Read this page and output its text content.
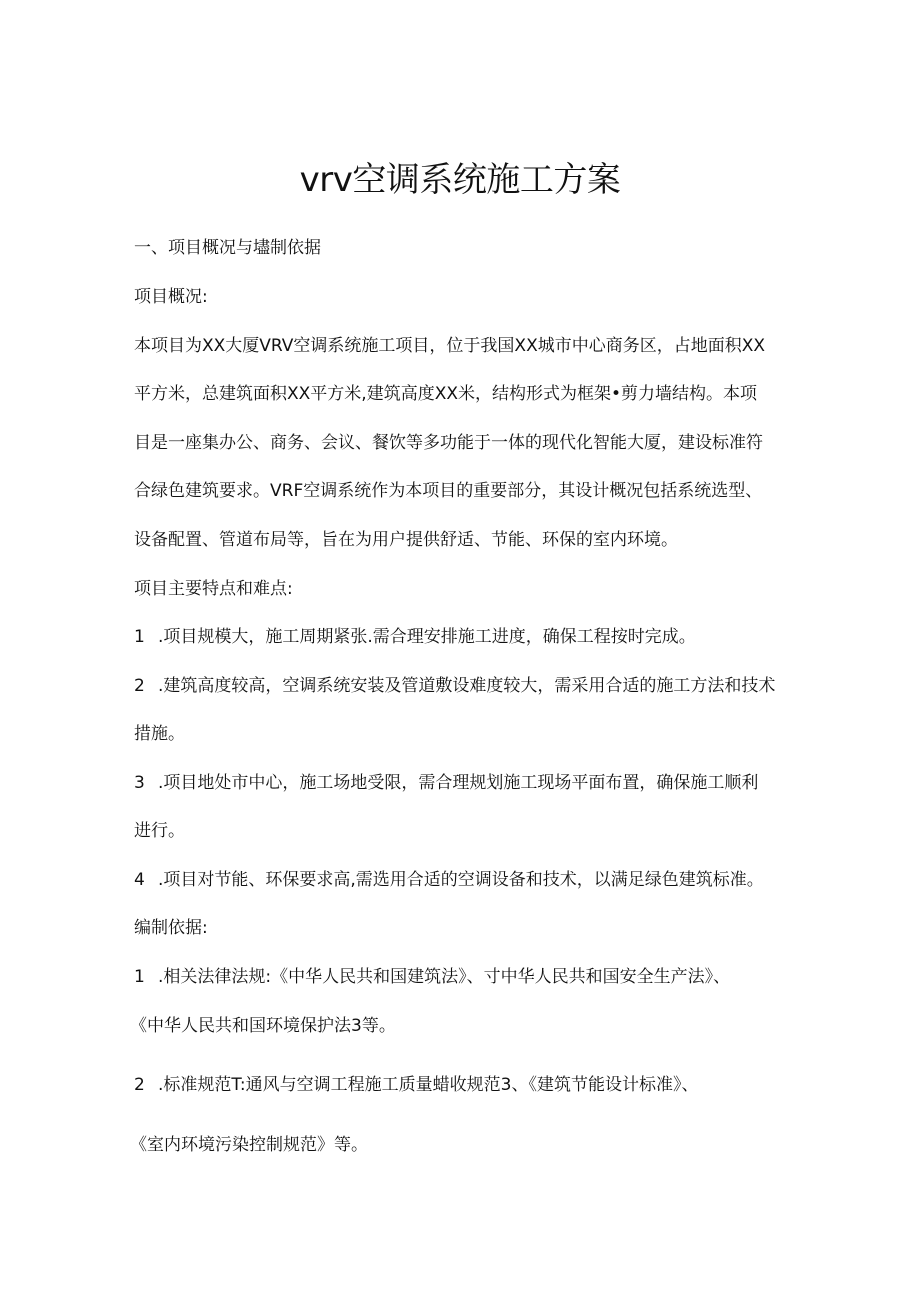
vrv空调系统施工方案

一、项目概况与壗制依据

项目概况:

本项目为XX大厦VRV空调系统施工项目，位于我国XX城市中心商务区，占地面积XX

平方米，总建筑面积XX平方米,建筑高度XX米，结构形式为框架•剪力墙结构。本项

目是一座集办公、商务、会议、餐饮等多功能于一体的现代化智能大厦，建设标准符

合绿色建筑要求。VRF空调系统作为本项目的重要部分，其设计概况包括系统选型、

设备配置、管道布局等，旨在为用户提供舒适、节能、环保的室内环境。

项目主要特点和难点:

1 .项目规模大，施工周期紧张.需合理安排施工进度，确保工程按时完成。

2 .建筑高度较高，空调系统安装及管道敷设难度较大，需采用合适的施工方法和技术

措施。

3 .项目地处市中心，施工场地受限，需合理规划施工现场平面布置，确保施工顺利

进行。

4 .项目对节能、环保要求高,需选用合适的空调设备和技术，以满足绿色建筑标准。

编制依据:

1 .相关法律法规:《中华人民共和国建筑法》、寸中华人民共和国安全生产法》、

《中华人民共和国环境保护法3等。

2 .标准规范T:通风与空调工程施工质量蜡收规范3、《建筑节能设计标准》、

《室内环境污染控制规范》等。
